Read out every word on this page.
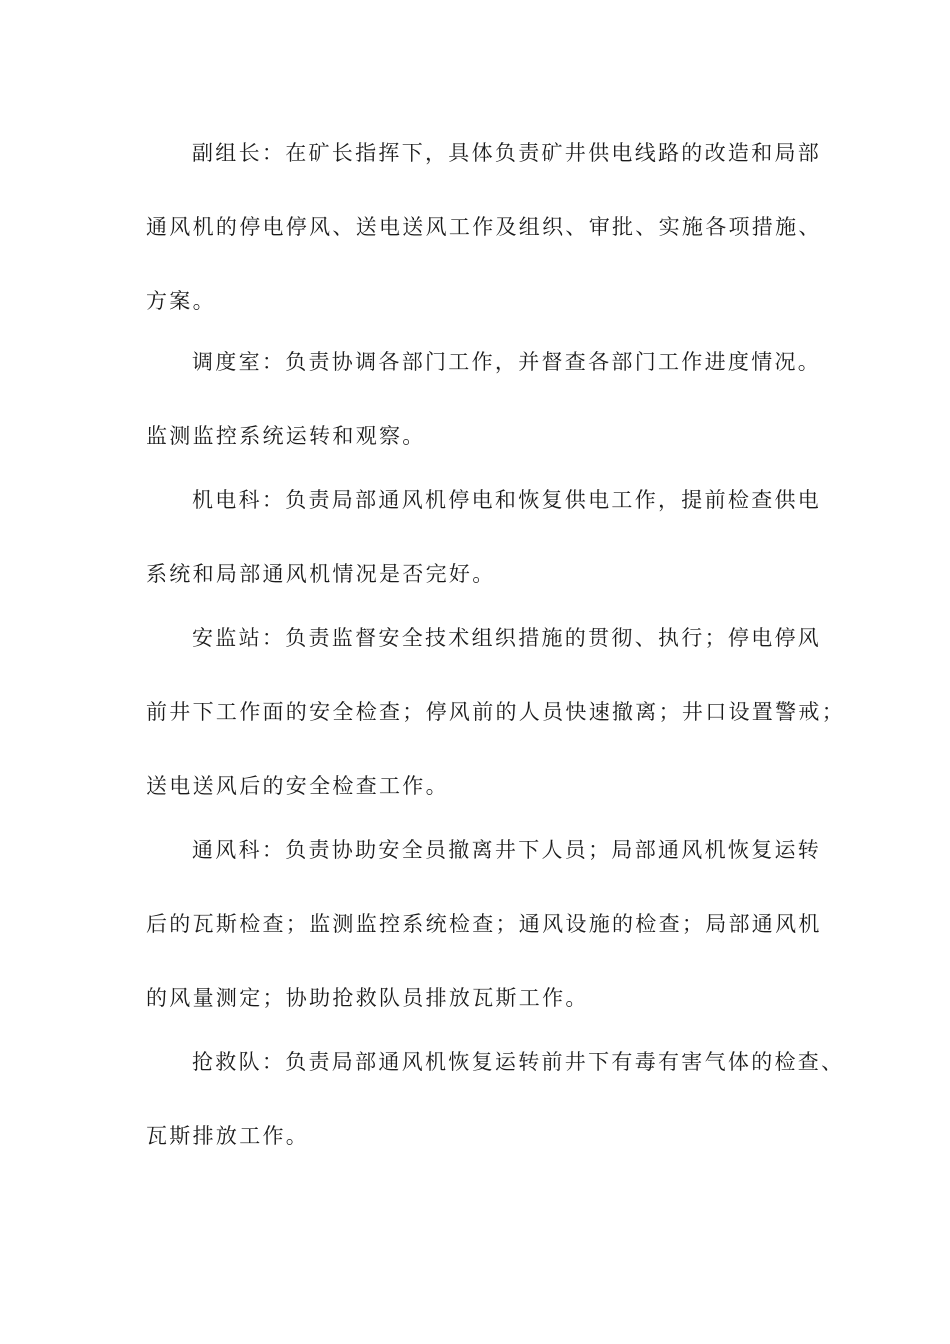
副组长：在矿长指挥下，具体负责矿井供电线路的改造和局部
通风机的停电停风、送电送风工作及组织、审批、实施各项措施、
方案。
调度室：负责协调各部门工作，并督查各部门工作进度情况。
监测监控系统运转和观察。
机电科：负责局部通风机停电和恢复供电工作，提前检查供电
系统和局部通风机情况是否完好。
安监站：负责监督安全技术组织措施的贯彻、执行；停电停风
前井下工作面的安全检查；停风前的人员快速撤离；井口设置警戒；
送电送风后的安全检查工作。
通风科：负责协助安全员撤离井下人员；局部通风机恢复运转
后的瓦斯检查；监测监控系统检查；通风设施的检查；局部通风机
的风量测定；协助抢救队员排放瓦斯工作。
抢救队：负责局部通风机恢复运转前井下有毒有害气体的检查、
瓦斯排放工作。
